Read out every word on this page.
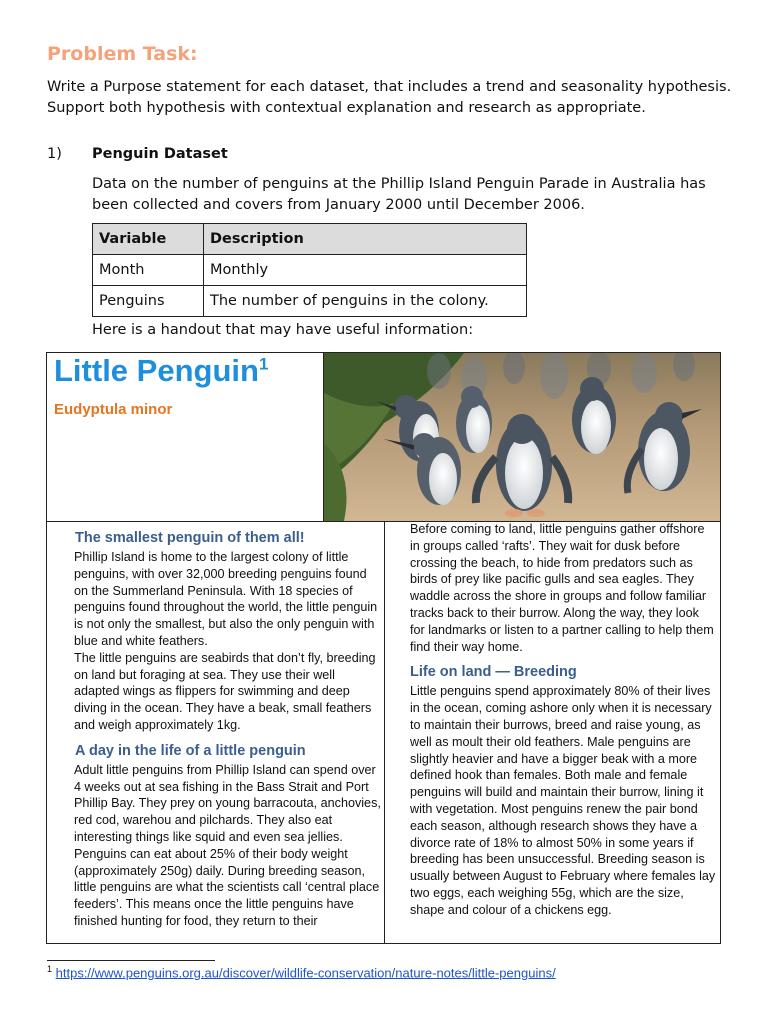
Problem Task:
Write a Purpose statement for each dataset, that includes a trend and seasonality hypothesis. Support both hypothesis with contextual explanation and research as appropriate.
1) Penguin Dataset
Data on the number of penguins at the Phillip Island Penguin Parade in Australia has been collected and covers from January 2000 until December 2006.
Variable	Description
Month	Monthly
Penguins	The number of penguins in the colony.
Here is a handout that may have useful information:
Little Penguin$^1$
Eudyptula minor
The smallest penguin of them all!

Phillip Island is home to the largest colony of little penguins, with over 32,000 breeding penguins found on the Summerland Peninsula. With 18 species of penguins found throughout the world, the little penguin is not only the smallest, but also the only penguin with blue and white feathers.

The little penguins are seabirds that don’t fly, breeding on land but foraging at sea. They use their well adapted wings as flippers for swimming and deep diving in the ocean. They have a beak, small feathers and weigh approximately 1kg.

A day in the life of a little penguin

Adult little penguins from Phillip Island can spend over 4 weeks out at sea fishing in the Bass Strait and Port Phillip Bay. They prey on young barracouta, anchovies, red cod, warehou and pilchards. They also eat interesting things like squid and even sea jellies.

Penguins can eat about 25% of their body weight (approximately 250g) daily. During breeding season, little penguins are what the scientists call ‘central place feeders’. This means once the little penguins have finished hunting for food, they return to their

Before coming to land, little penguins gather offshore in groups called ‘rafts’. They wait for dusk before crossing the beach, to hide from predators such as birds of prey like pacific gulls and sea eagles. They waddle across the shore in groups and follow familiar tracks back to their burrow. Along the way, they look for landmarks or listen to a partner calling to help them find their way home.

Life on land — Breeding

Little penguins spend approximately 80% of their lives in the ocean, coming ashore only when it is necessary to maintain their burrows, breed and raise young, as well as moult their old feathers. Male penguins are slightly heavier and have a bigger beak with a more defined hook than females. Both male and female penguins will build and maintain their burrow, lining it with vegetation. Most penguins renew the pair bond each season, although research shows they have a divorce rate of 18% to almost 50% in some years if breeding has been unsuccessful. Breeding season is usually between August to February where females lay two eggs, each weighing 55g, which are the size, shape and colour of a chickens egg.

$^1$ https://www.penguins.org.au/discover/wildlife-conservation/nature-notes/little-penguins/
